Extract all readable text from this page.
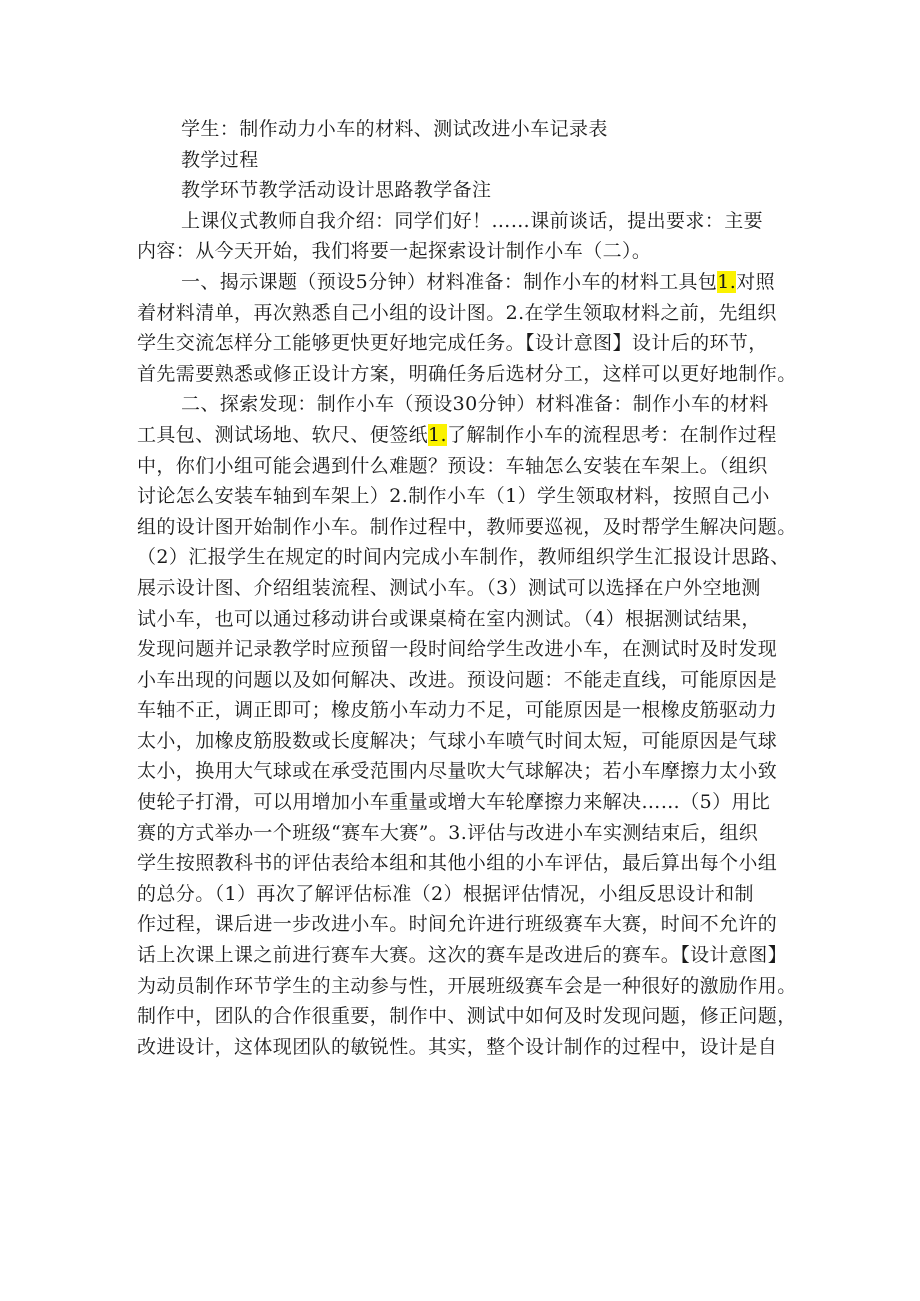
学生：制作动力小车的材料、测试改进小车记录表
教学过程
教学环节教学活动设计思路教学备注
上课仪式教师自我介绍：同学们好！……课前谈话，提出要求：主要
内容：从今天开始，我们将要一起探索设计制作小车（二）。
一、揭示课题（预设5分钟）材料准备：制作小车的材料工具包1.对照
着材料清单，再次熟悉自己小组的设计图。2.在学生领取材料之前，先组织
学生交流怎样分工能够更快更好地完成任务。【设计意图】设计后的环节，
首先需要熟悉或修正设计方案，明确任务后选材分工，这样可以更好地制作。
二、探索发现：制作小车（预设30分钟）材料准备：制作小车的材料
工具包、测试场地、软尺、便签纸1.了解制作小车的流程思考：在制作过程
中，你们小组可能会遇到什么难题？预设：车轴怎么安装在车架上。（组织
讨论怎么安装车轴到车架上）2.制作小车（1）学生领取材料，按照自己小
组的设计图开始制作小车。制作过程中，教师要巡视，及时帮学生解决问题。
（2）汇报学生在规定的时间内完成小车制作，教师组织学生汇报设计思路、
展示设计图、介绍组装流程、测试小车。（3）测试可以选择在户外空地测
试小车，也可以通过移动讲台或课桌椅在室内测试。（4）根据测试结果，
发现问题并记录教学时应预留一段时间给学生改进小车，在测试时及时发现
小车出现的问题以及如何解决、改进。预设问题：不能走直线，可能原因是
车轴不正，调正即可；橡皮筋小车动力不足，可能原因是一根橡皮筋驱动力
太小，加橡皮筋股数或长度解决；气球小车喷气时间太短，可能原因是气球
太小，换用大气球或在承受范围内尽量吹大气球解决；若小车摩擦力太小致
使轮子打滑，可以用增加小车重量或增大车轮摩擦力来解决……（5）用比
赛的方式举办一个班级“赛车大赛”。3.评估与改进小车实测结束后，组织
学生按照教科书的评估表给本组和其他小组的小车评估，最后算出每个小组
的总分。（1）再次了解评估标准（2）根据评估情况，小组反思设计和制
作过程，课后进一步改进小车。时间允许进行班级赛车大赛，时间不允许的
话上次课上课之前进行赛车大赛。这次的赛车是改进后的赛车。【设计意图】
为动员制作环节学生的主动参与性，开展班级赛车会是一种很好的激励作用。
制作中，团队的合作很重要，制作中、测试中如何及时发现问题，修正问题，
改进设计，这体现团队的敏锐性。其实，整个设计制作的过程中，设计是自
